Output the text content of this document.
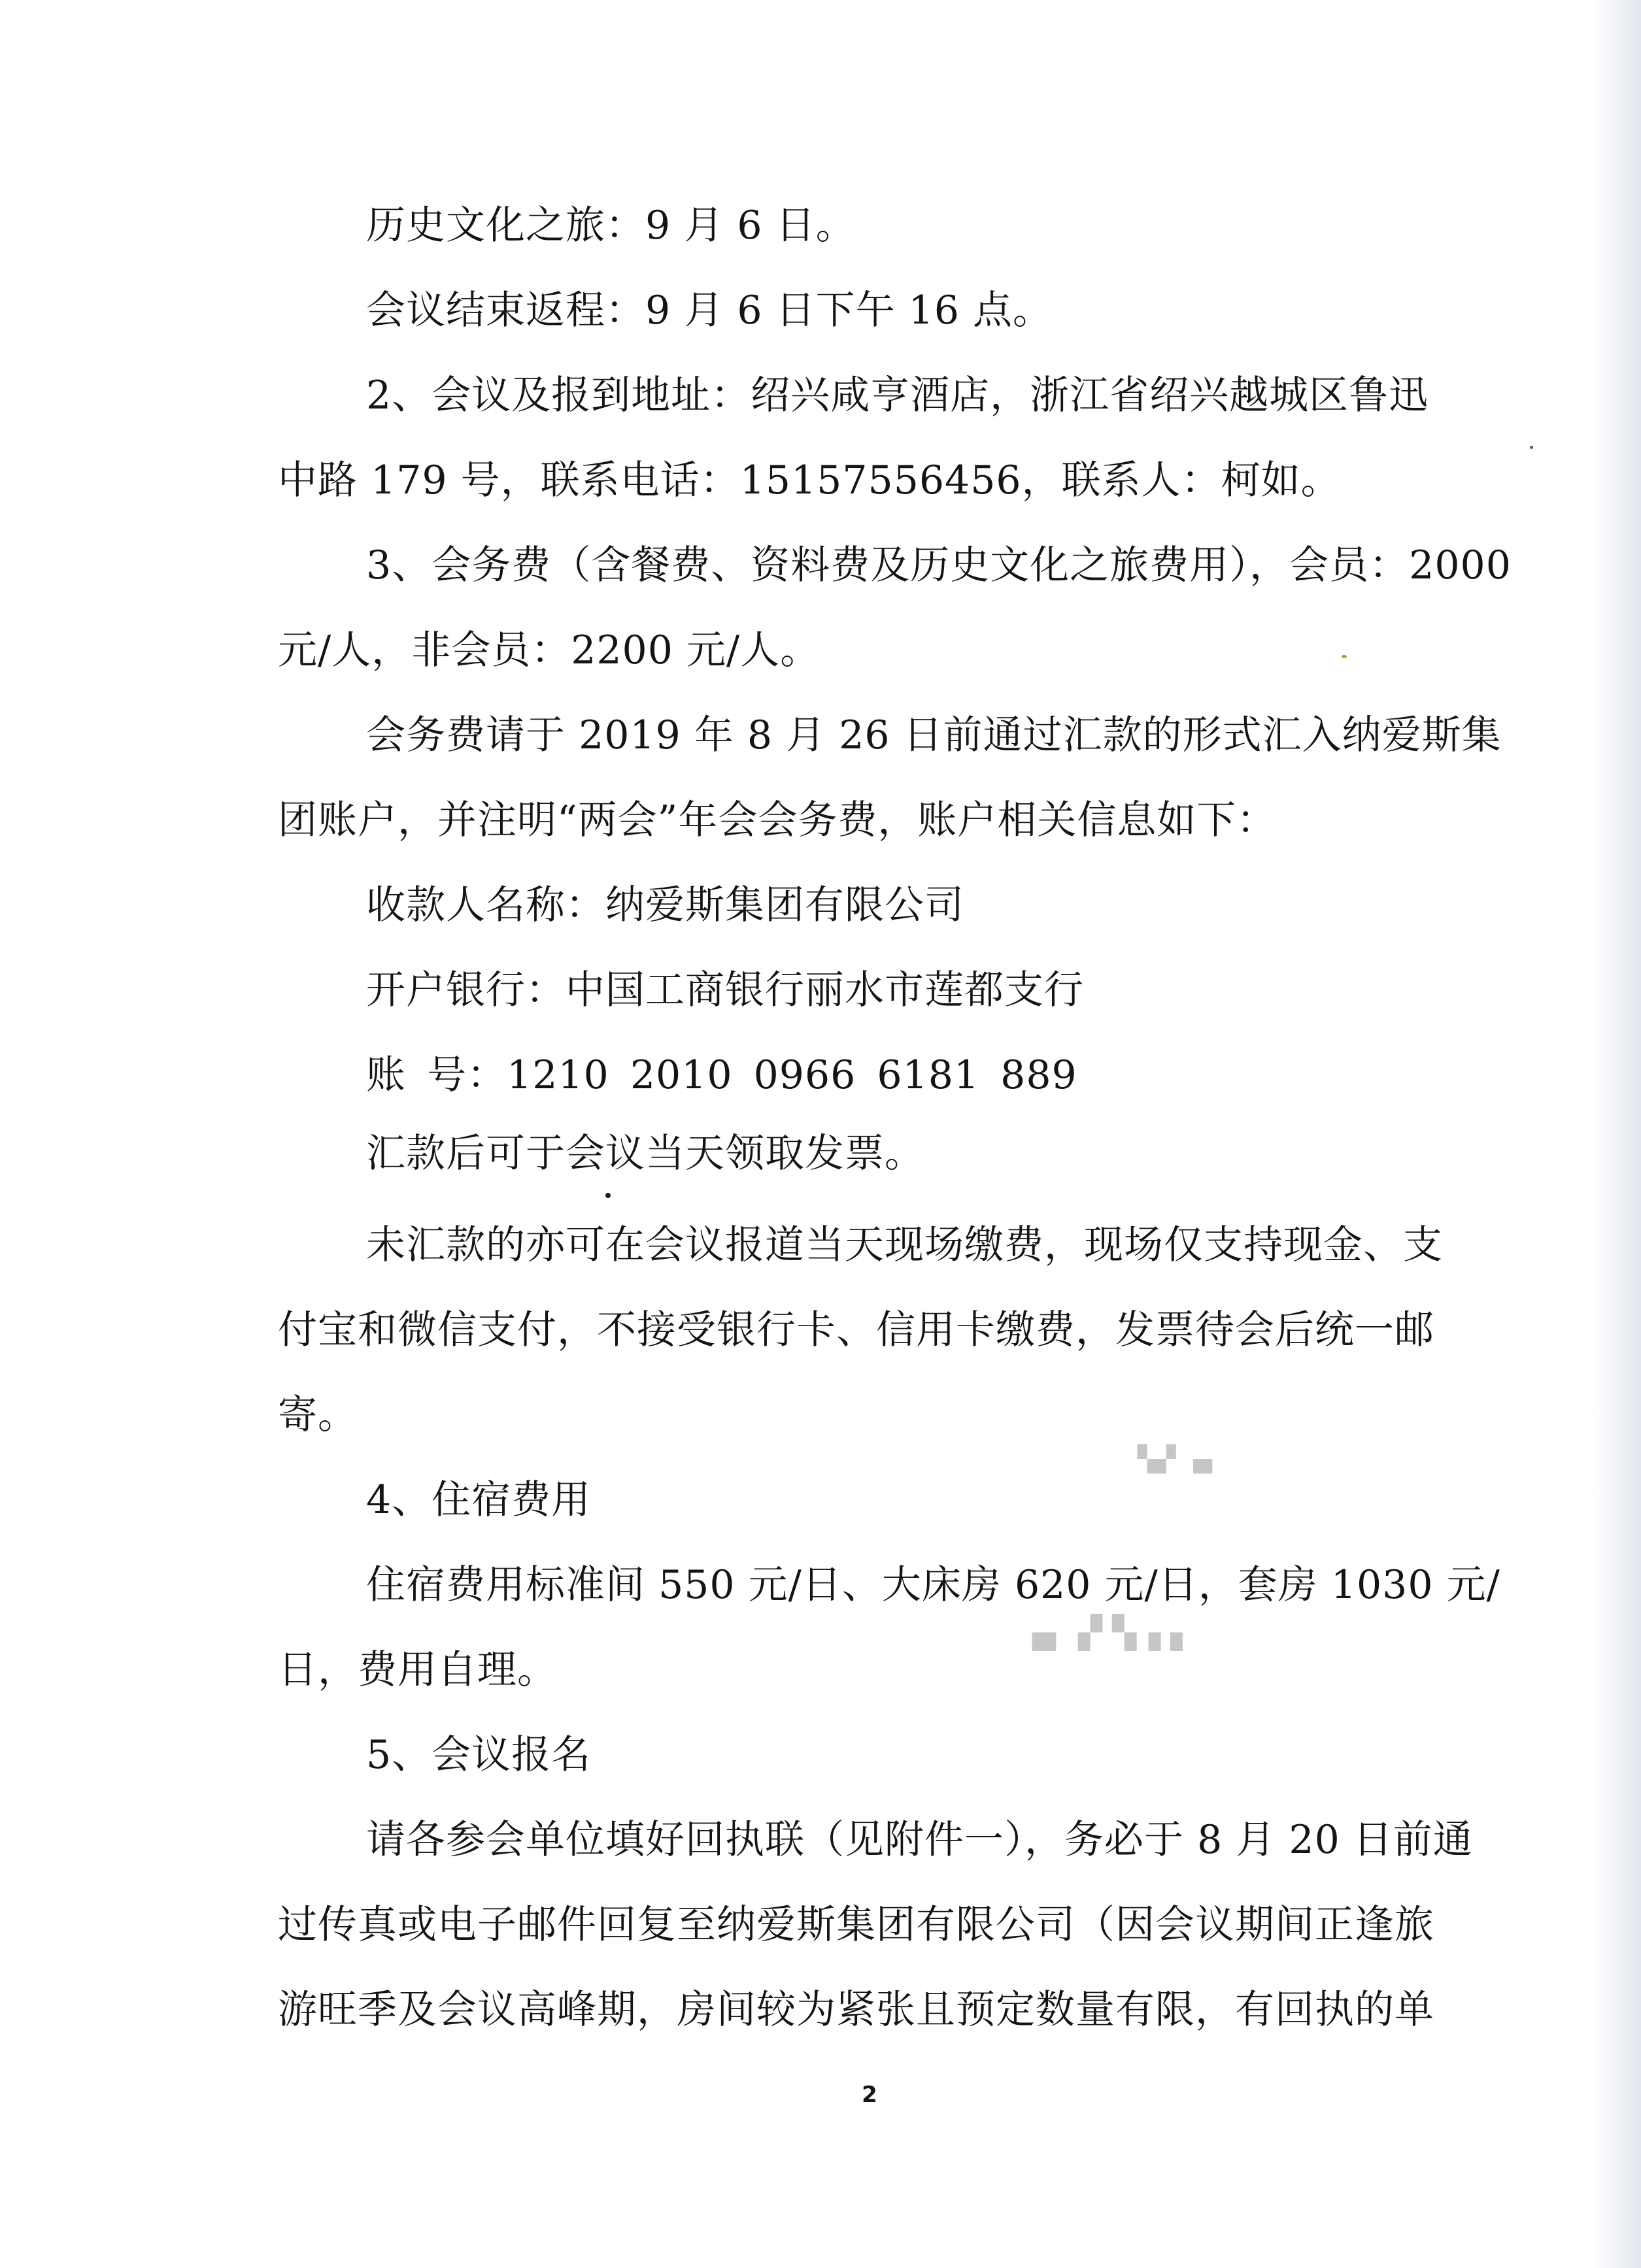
历史文化之旅：9 月 6 日。
会议结束返程：9 月 6 日下午 16 点。
2、会议及报到地址：绍兴咸亨酒店，浙江省绍兴越城区鲁迅
中路 179 号，联系电话：15157556456，联系人：柯如。
3、会务费（含餐费、资料费及历史文化之旅费用），会员：2000
元/人，非会员：2200 元/人。
会务费请于 2019 年 8 月 26 日前通过汇款的形式汇入纳爱斯集
团账户，并注明“两会”年会会务费，账户相关信息如下：
收款人名称：纳爱斯集团有限公司
开户银行：中国工商银行丽水市莲都支行
账 号：1210 2010 0966 6181 889
汇款后可于会议当天领取发票。
未汇款的亦可在会议报道当天现场缴费，现场仅支持现金、支
付宝和微信支付，不接受银行卡、信用卡缴费，发票待会后统一邮
寄。
4、住宿费用
住宿费用标准间 550 元/日、大床房 620 元/日，套房 1030 元/
日，费用自理。
5、会议报名
请各参会单位填好回执联（见附件一），务必于 8 月 20 日前通
过传真或电子邮件回复至纳爱斯集团有限公司（因会议期间正逢旅
游旺季及会议高峰期，房间较为紧张且预定数量有限，有回执的单
▚▞ ▗▖
▗▖ ▞ ▚▗ ▖
2
